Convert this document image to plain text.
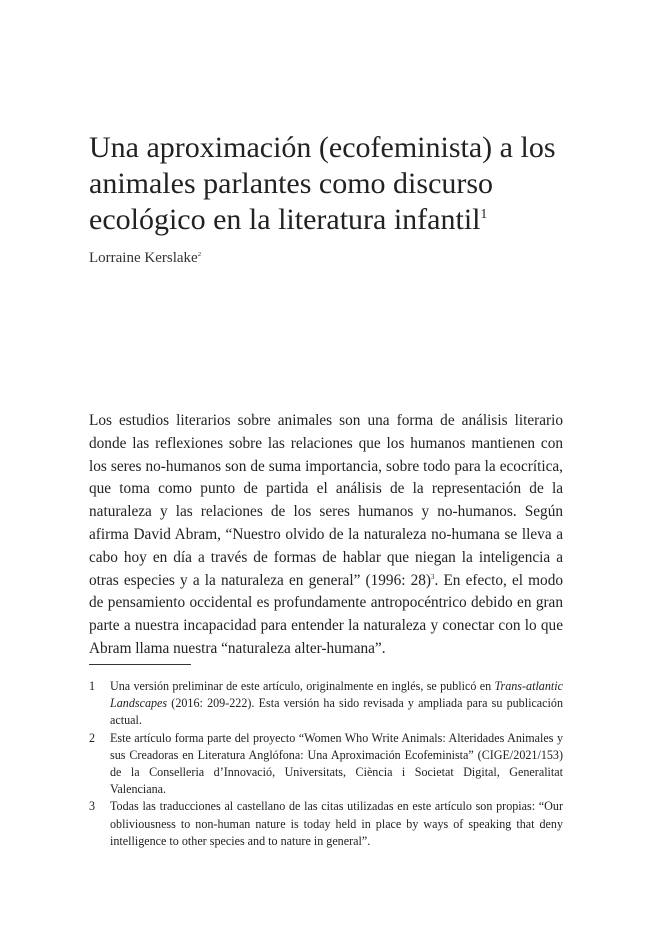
Una aproximación (ecofeminista) a los animales parlantes como discurso ecológico en la literatura infantil$^1$

Lorraine Kerslake$^2$

Los estudios literarios sobre animales son una forma de análisis literario donde las reflexiones sobre las relaciones que los humanos mantienen con los seres no-humanos son de suma importancia, sobre todo para la ecocrítica, que toma como punto de partida el análisis de la representación de la naturaleza y las relaciones de los seres humanos y no-humanos. Según afirma David Abram, “Nuestro olvido de la naturaleza no-humana se lleva a cabo hoy en día a través de formas de hablar que niegan la inteligencia a otras especies y a la naturaleza en general” (1996: 28)$^3$. En efecto, el modo de pensamiento occidental es profundamente antropocéntrico debido en gran parte a nuestra incapacidad para entender la naturaleza y conectar con lo que Abram llama nuestra “naturaleza alter-humana”.

1	Una versión preliminar de este artículo, originalmente en inglés, se publicó en Trans-atlantic Landscapes (2016: 209-222). Esta versión ha sido revisada y ampliada para su publicación actual.
2	Este artículo forma parte del proyecto “Women Who Write Animals: Alteridades Animales y sus Creadoras en Literatura Anglófona: Una Aproximación Ecofeminista” (CIGE/2021/153) de la Conselleria d’Innovació, Universitats, Ciència i Societat Digital, Generalitat Valenciana.
3	Todas las traducciones al castellano de las citas utilizadas en este artículo son propias: “Our obliviousness to non-human nature is today held in place by ways of speaking that deny intelligence to other species and to nature in general”.
